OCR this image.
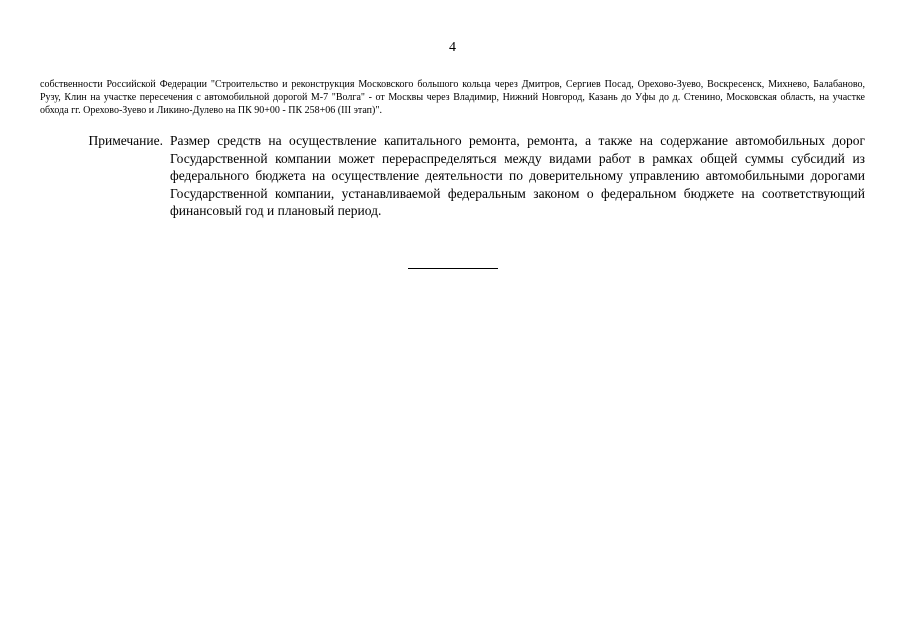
4

собственности Российской Федерации "Строительство и реконструкция Московского большого кольца через Дмитров, Сергиев Посад, Орехово-Зуево, Воскресенск, Михнево, Балабаново, Рузу, Клин на участке пересечения с автомобильной дорогой М-7 "Волга" - от Москвы через Владимир, Нижний Новгород, Казань до Уфы до д. Стенино, Московская область, на участке обхода гг. Орехово-Зуево и Ликино-Дулево на ПК 90+00 - ПК 258+06 (III этап)".

Примечание. Размер средств на осуществление капитального ремонта, ремонта, а также на содержание автомобильных дорог Государственной компании может перераспределяться между видами работ в рамках общей суммы субсидий из федерального бюджета на осуществление деятельности по доверительному управлению автомобильными дорогами Государственной компании, устанавливаемой федеральным законом о федеральном бюджете на соответствующий финансовый год и плановый период.
